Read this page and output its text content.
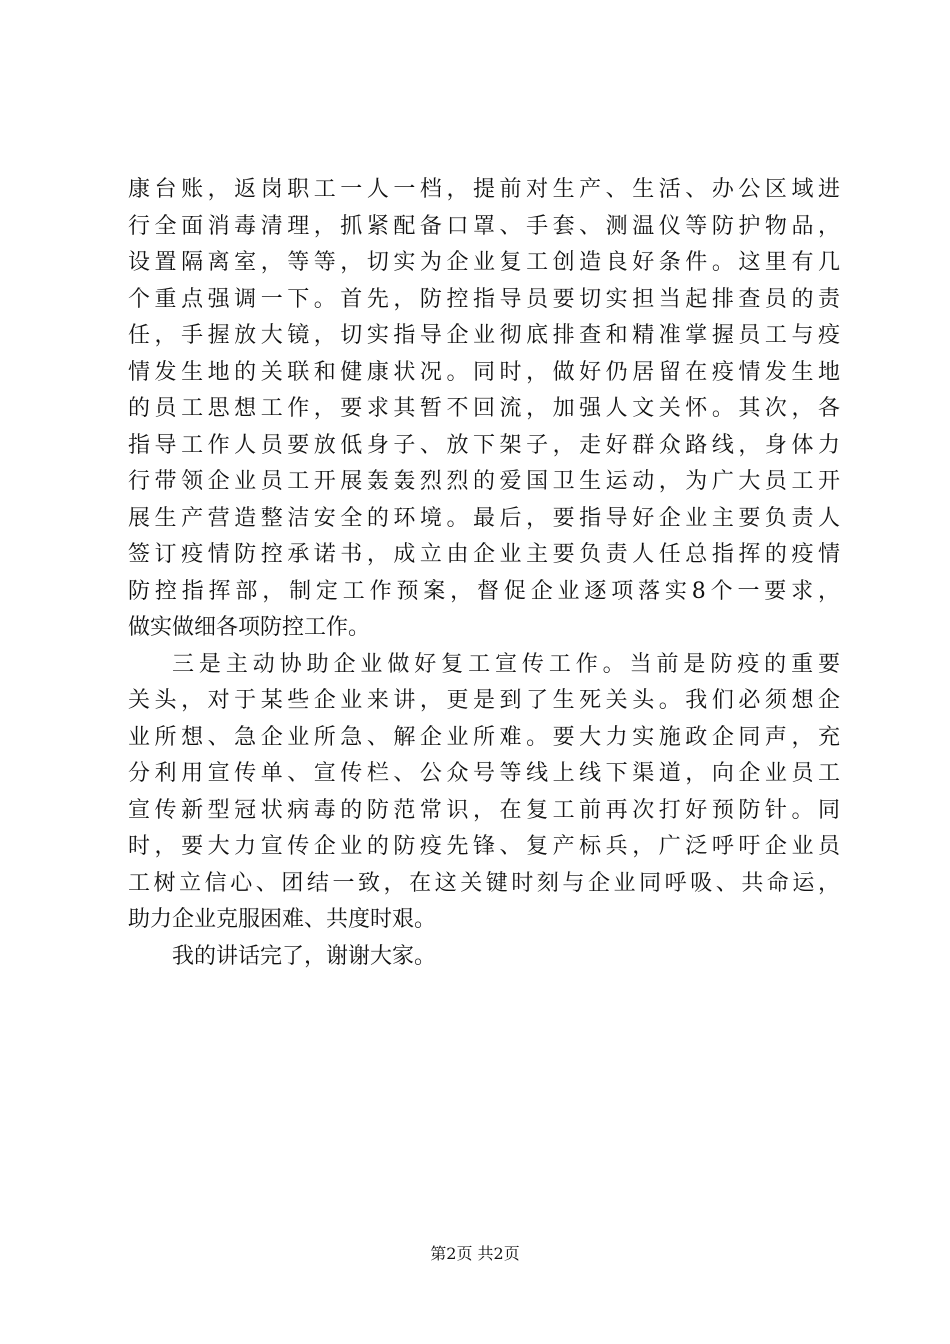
康台账，返岗职工一人一档，提前对生产、生活、办公区域进
行全面消毒清理，抓紧配备口罩、手套、测温仪等防护物品，
设置隔离室，等等，切实为企业复工创造良好条件。这里有几
个重点强调一下。首先，防控指导员要切实担当起排查员的责
任，手握放大镜，切实指导企业彻底排查和精准掌握员工与疫
情发生地的关联和健康状况。同时，做好仍居留在疫情发生地
的员工思想工作，要求其暂不回流，加强人文关怀。其次，各
指导工作人员要放低身子、放下架子，走好群众路线，身体力
行带领企业员工开展轰轰烈烈的爱国卫生运动，为广大员工开
展生产营造整洁安全的环境。最后，要指导好企业主要负责人
签订疫情防控承诺书，成立由企业主要负责人任总指挥的疫情
防控指挥部，制定工作预案，督促企业逐项落实8个一要求，
做实做细各项防控工作。
三是主动协助企业做好复工宣传工作。当前是防疫的重要
关头，对于某些企业来讲，更是到了生死关头。我们必须想企
业所想、急企业所急、解企业所难。要大力实施政企同声，充
分利用宣传单、宣传栏、公众号等线上线下渠道，向企业员工
宣传新型冠状病毒的防范常识，在复工前再次打好预防针。同
时，要大力宣传企业的防疫先锋、复产标兵，广泛呼吁企业员
工树立信心、团结一致，在这关键时刻与企业同呼吸、共命运，
助力企业克服困难、共度时艰。
我的讲话完了，谢谢大家。
第2页 共2页
